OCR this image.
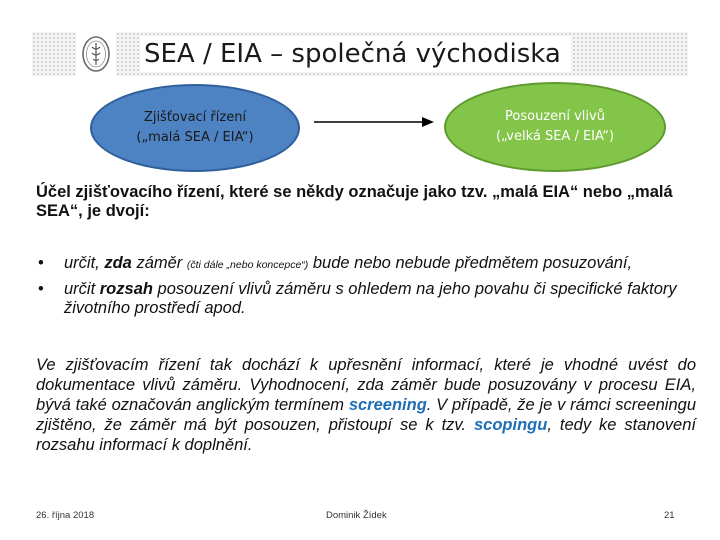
SEA / EIA – společná východiska
Zjišťovací řízení
(„malá SEA / EIA“)
Posouzení vlivů
(„velká SEA / EIA“)
Účel zjišťovacího řízení, které se někdy označuje jako tzv. „malá EIA“ nebo „malá SEA“, je dvojí:
• určit, zda záměr (čti dále „nebo koncepce“) bude nebo nebude předmětem posuzování,
• určit rozsah posouzení vlivů záměru s ohledem na jeho povahu či specifické faktory životního prostředí apod.
Ve zjišťovacím řízení tak dochází k upřesnění informací, které je vhodné uvést do dokumentace vlivů záměru. Vyhodnocení, zda záměr bude posuzovány v procesu EIA, bývá také označován anglickým termínem screening. V případě, že je v rámci screeningu zjištěno, že záměr má být posouzen, přistoupí se k tzv. scopingu, tedy ke stanovení rozsahu informací k doplnění.
26. října 2018	Dominik Žídek	21
